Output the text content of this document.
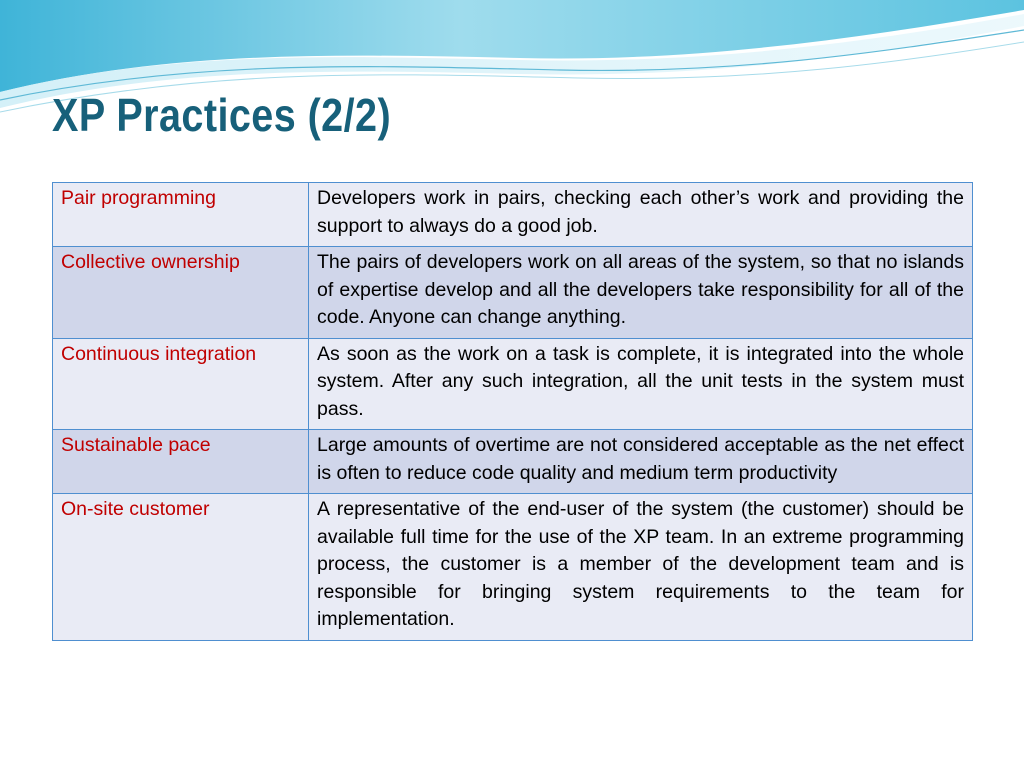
XP Practices (2/2)
Pair programming	Developers work in pairs, checking each other’s work and providing the support to always do a good job.
Collective ownership	The pairs of developers work on all areas of the system, so that no islands of expertise develop and all the developers take responsibility for all of the code. Anyone can change anything.
Continuous integration	As soon as the work on a task is complete, it is integrated into the whole system. After any such integration, all the unit tests in the system must pass.
Sustainable pace	Large amounts of overtime are not considered acceptable as the net effect is often to reduce code quality and medium term productivity
On-site customer	A representative of the end-user of the system (the customer) should be available full time for the use of the XP team. In an extreme programming process, the customer is a member of the development team and is responsible for bringing system requirements to the team for implementation.
